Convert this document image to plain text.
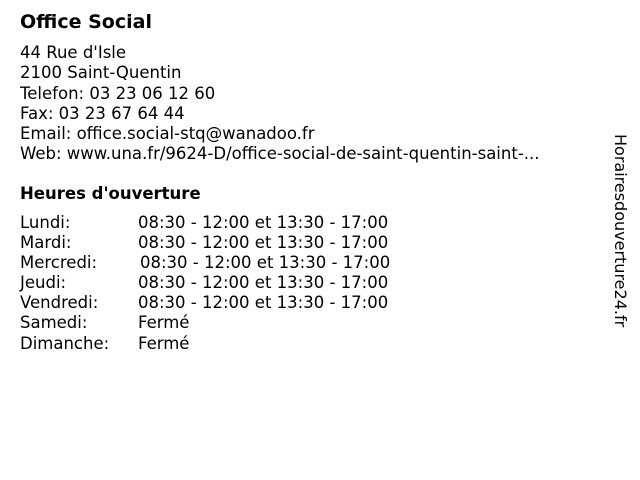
Office Social
44 Rue d'Isle
2100 Saint-Quentin
Telefon: 03 23 06 12 60
Fax: 03 23 67 64 44
Email: office.social-stq@wanadoo.fr
Web: www.una.fr/9624-D/office-social-de-saint-quentin-saint-...
Heures d'ouverture
Lundi:	08:30 - 12:00 et 13:30 - 17:00
Mardi:	08:30 - 12:00 et 13:30 - 17:00
Mercredi:	08:30 - 12:00 et 13:30 - 17:00
Jeudi:	08:30 - 12:00 et 13:30 - 17:00
Vendredi: 08:30 - 12:00 et 13:30 - 17:00
Samedi:	Fermé
Dimanche: Fermé
Horairesdouverture24.fr
